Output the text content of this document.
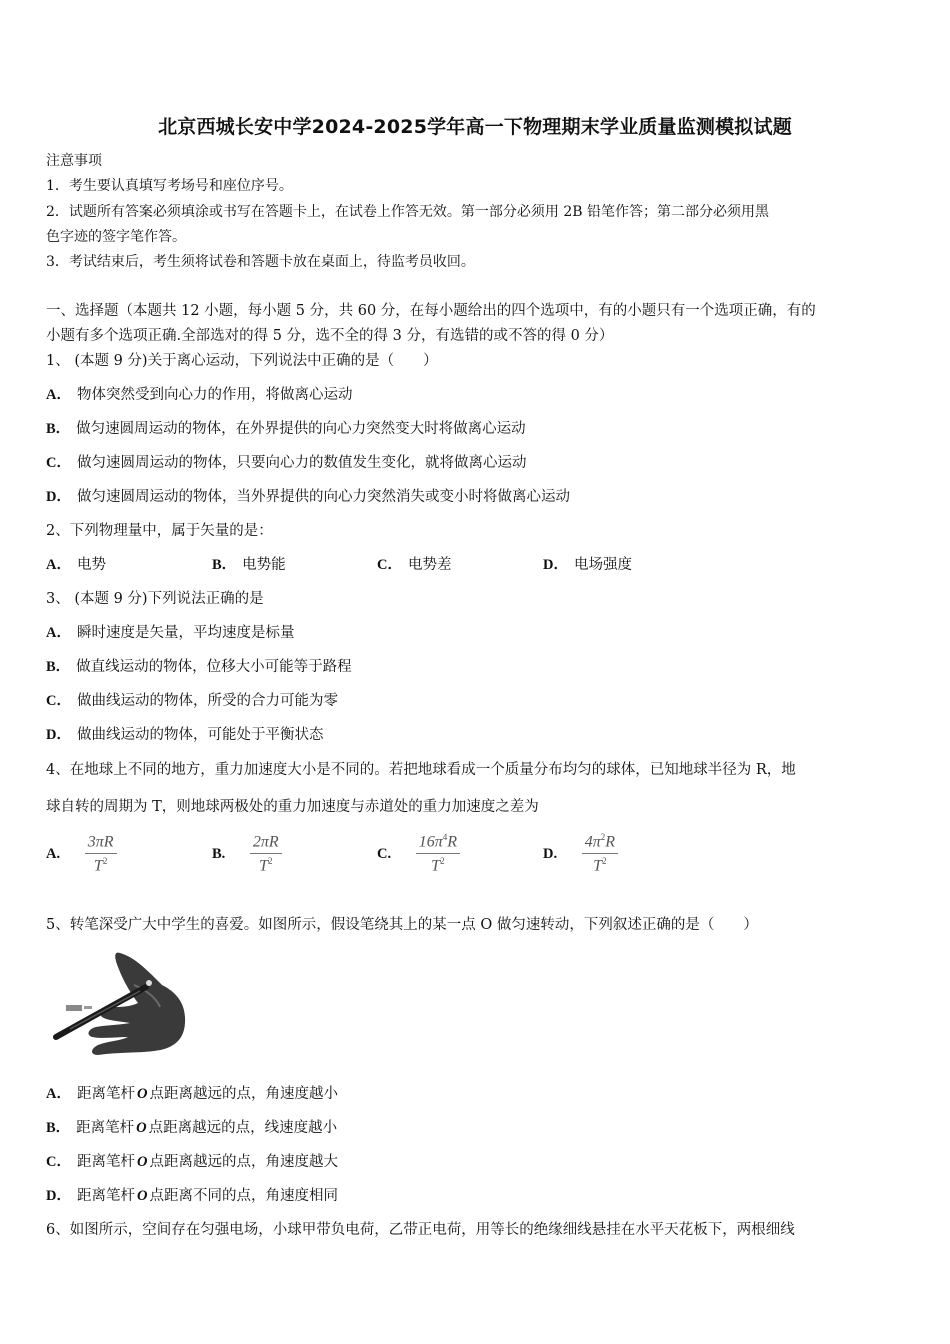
北京西城长安中学2024-2025学年高一下物理期末学业质量监测模拟试题
注意事项
1．考生要认真填写考场号和座位序号。
2．试题所有答案必须填涂或书写在答题卡上，在试卷上作答无效。第一部分必须用 2B 铅笔作答；第二部分必须用黑
色字迹的签字笔作答。
3．考试结束后，考生须将试卷和答题卡放在桌面上，待监考员收回。
一、选择题（本题共 12 小题，每小题 5 分，共 60 分，在每小题给出的四个选项中，有的小题只有一个选项正确，有的
小题有多个选项正确.全部选对的得 5 分，选不全的得 3 分，有选错的或不答的得 0 分）
1、 (本题 9 分)关于离心运动，下列说法中正确的是（　　）
A． 物体突然受到向心力的作用，将做离心运动
B． 做匀速圆周运动的物体，在外界提供的向心力突然变大时将做离心运动
C． 做匀速圆周运动的物体，只要向心力的数值发生变化，就将做离心运动
D． 做匀速圆周运动的物体，当外界提供的向心力突然消失或变小时将做离心运动
2、下列物理量中，属于矢量的是：
A． 电势	B． 电势能	C． 电势差	D． 电场强度
3、 (本题 9 分)下列说法正确的是
A． 瞬时速度是矢量，平均速度是标量
B． 做直线运动的物体，位移大小可能等于路程
C． 做曲线运动的物体，所受的合力可能为零
D． 做曲线运动的物体，可能处于平衡状态
4、在地球上不同的地方，重力加速度大小是不同的。若把地球看成一个质量分布均匀的球体，已知地球半径为 R，地
球自转的周期为 T，则地球两极处的重力加速度与赤道处的重力加速度之差为
A. $\frac{3\pi R}{T^2}$	B. $\frac{2\pi R}{T^2}$	C. $\frac{16\pi^4R}{T^2}$	D. $\frac{4\pi^2R}{T^2}$
5、转笔深受广大中学生的喜爱。如图所示，假设笔绕其上的某一点 O 做匀速转动，下列叙述正确的是（　　）
A． 距离笔杆 O 点距离越远的点，角速度越小
B． 距离笔杆 O 点距离越远的点，线速度越小
C． 距离笔杆 O 点距离越远的点，角速度越大
D． 距离笔杆 O 点距离不同的点，角速度相同
6、如图所示，空间存在匀强电场，小球甲带负电荷，乙带正电荷，用等长的绝缘细线悬挂在水平天花板下，两根细线
